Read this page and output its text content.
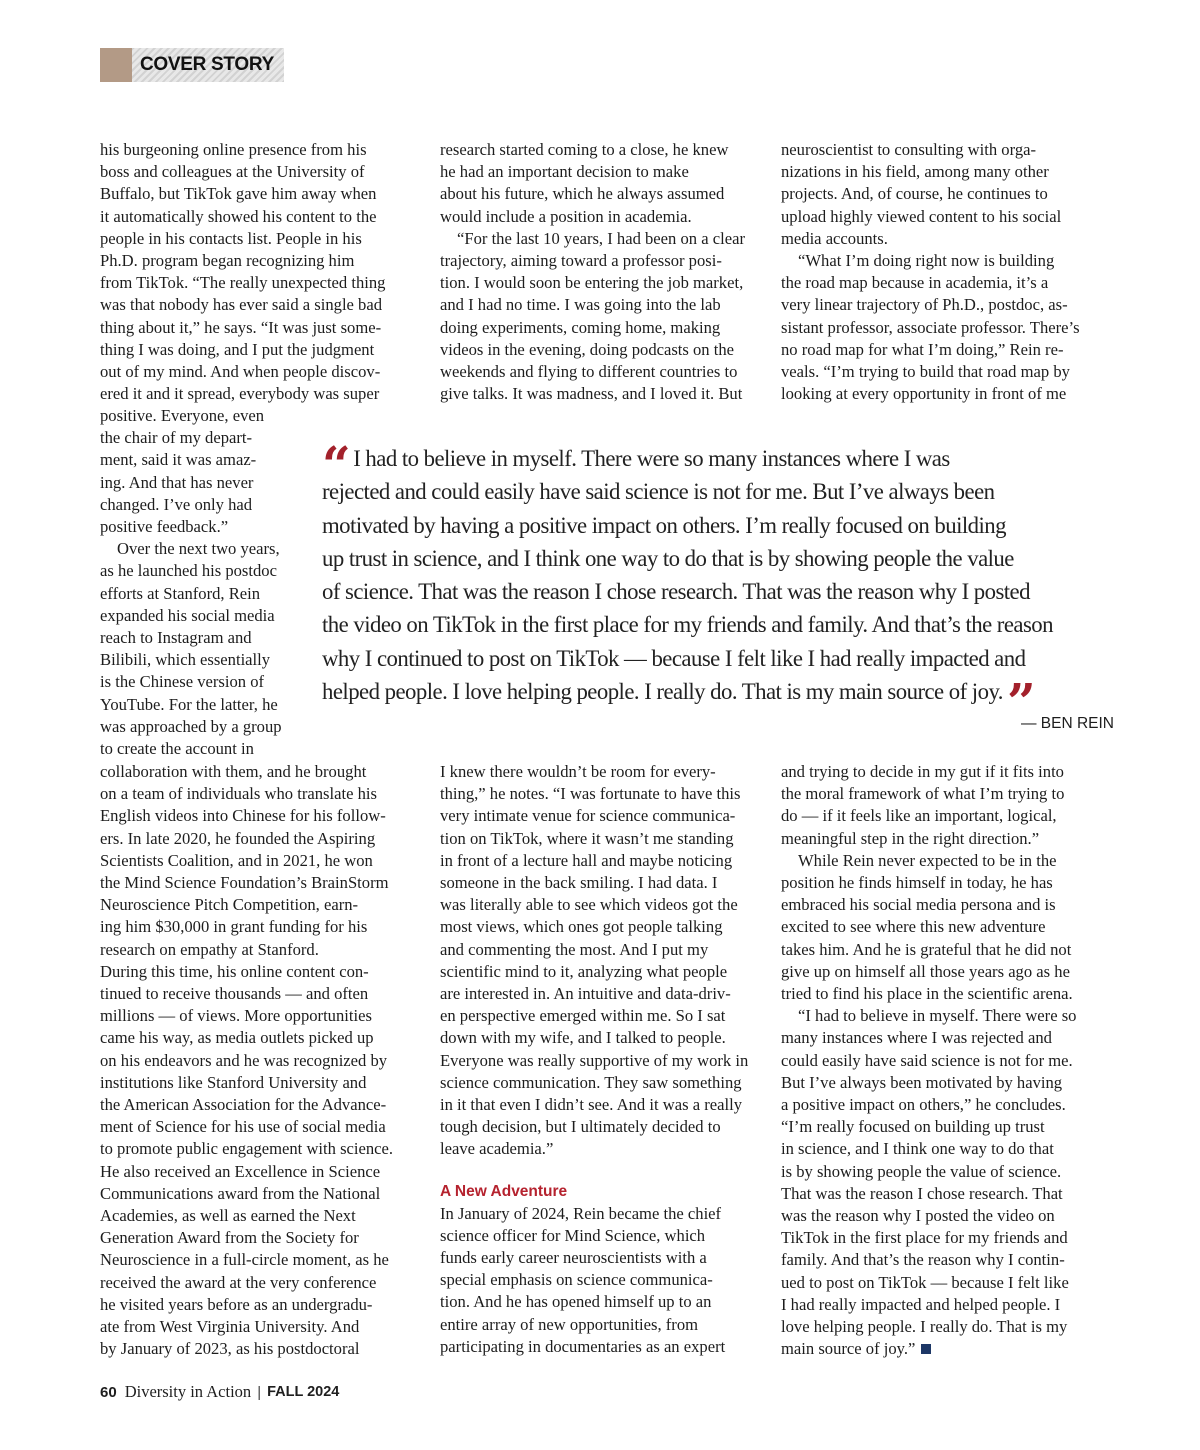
COVER STORY

his burgeoning online presence from his
boss and colleagues at the University of
Buffalo, but TikTok gave him away when
it automatically showed his content to the
people in his contacts list. People in his
Ph.D. program began recognizing him
from TikTok. “The really unexpected thing
was that nobody has ever said a single bad
thing about it,” he says. “It was just some-
thing I was doing, and I put the judgment
out of my mind. And when people discov-
ered it and it spread, everybody was super

positive. Everyone, even
the chair of my depart-
ment, said it was amaz-
ing. And that has never
changed. I’ve only had
positive feedback.”

Over the next two years,
as he launched his postdoc
efforts at Stanford, Rein
expanded his social media
reach to Instagram and
Bilibili, which essentially
is the Chinese version of
YouTube. For the latter, he
was approached by a group
to create the account in

collaboration with them, and he brought
on a team of individuals who translate his
English videos into Chinese for his follow-
ers. In late 2020, he founded the Aspiring
Scientists Coalition, and in 2021, he won
the Mind Science Foundation’s BrainStorm
Neuroscience Pitch Competition, earn-
ing him $30,000 in grant funding for his
research on empathy at Stanford.

During this time, his online content con-
tinued to receive thousands — and often
millions — of views. More opportunities
came his way, as media outlets picked up
on his endeavors and he was recognized by
institutions like Stanford University and
the American Association for the Advance-
ment of Science for his use of social media
to promote public engagement with science.
He also received an Excellence in Science
Communications award from the National
Academies, as well as earned the Next
Generation Award from the Society for
Neuroscience in a full-circle moment, as he
received the award at the very conference
he visited years before as an undergradu-
ate from West Virginia University. And
by January of 2023, as his postdoctoral

research started coming to a close, he knew
he had an important decision to make
about his future, which he always assumed
would include a position in academia.

“For the last 10 years, I had been on a clear
trajectory, aiming toward a professor posi-
tion. I would soon be entering the job market,
and I had no time. I was going into the lab
doing experiments, coming home, making
videos in the evening, doing podcasts on the
weekends and flying to different countries to
give talks. It was madness, and I loved it. But

I knew there wouldn’t be room for every-
thing,” he notes. “I was fortunate to have this
very intimate venue for science communica-
tion on TikTok, where it wasn’t me standing
in front of a lecture hall and maybe noticing
someone in the back smiling. I had data. I
was literally able to see which videos got the
most views, which ones got people talking
and commenting the most. And I put my
scientific mind to it, analyzing what people
are interested in. An intuitive and data-driv-
en perspective emerged within me. So I sat
down with my wife, and I talked to people.
Everyone was really supportive of my work in
science communication. They saw something
in it that even I didn’t see. And it was a really
tough decision, but I ultimately decided to
leave academia.”

A New Adventure

In January of 2024, Rein became the chief
science officer for Mind Science, which
funds early career neuroscientists with a
special emphasis on science communica-
tion. And he has opened himself up to an
entire array of new opportunities, from
participating in documentaries as an expert

neuroscientist to consulting with orga-
nizations in his field, among many other
projects. And, of course, he continues to
upload highly viewed content to his social
media accounts.

“What I’m doing right now is building
the road map because in academia, it’s a
very linear trajectory of Ph.D., postdoc, as-
sistant professor, associate professor. There’s
no road map for what I’m doing,” Rein re-
veals. “I’m trying to build that road map by
looking at every opportunity in front of me

and trying to decide in my gut if it fits into
the moral framework of what I’m trying to
do — if it feels like an important, logical,
meaningful step in the right direction.”

While Rein never expected to be in the
position he finds himself in today, he has
embraced his social media persona and is
excited to see where this new adventure
takes him. And he is grateful that he did not
give up on himself all those years ago as he
tried to find his place in the scientific arena.

“I had to believe in myself. There were so
many instances where I was rejected and
could easily have said science is not for me.
But I’ve always been motivated by having
a positive impact on others,” he concludes.
“I’m really focused on building up trust
in science, and I think one way to do that
is by showing people the value of science.
That was the reason I chose research. That
was the reason why I posted the video on
TikTok in the first place for my friends and
family. And that’s the reason why I contin-
ued to post on TikTok — because I felt like
I had really impacted and helped people. I
love helping people. I really do. That is my
main source of joy.”

“ I had to believe in myself. There were so many instances where I was
rejected and could easily have said science is not for me. But I’ve always been
motivated by having a positive impact on others. I’m really focused on building
up trust in science, and I think one way to do that is by showing people the value
of science. That was the reason I chose research. That was the reason why I posted
the video on TikTok in the first place for my friends and family. And that’s the reason
why I continued to post on TikTok — because I felt like I had really impacted and
helped people. I love helping people. I really do. That is my main source of joy.”
— BEN REIN
60 Diversity in Action | FALL 2024
